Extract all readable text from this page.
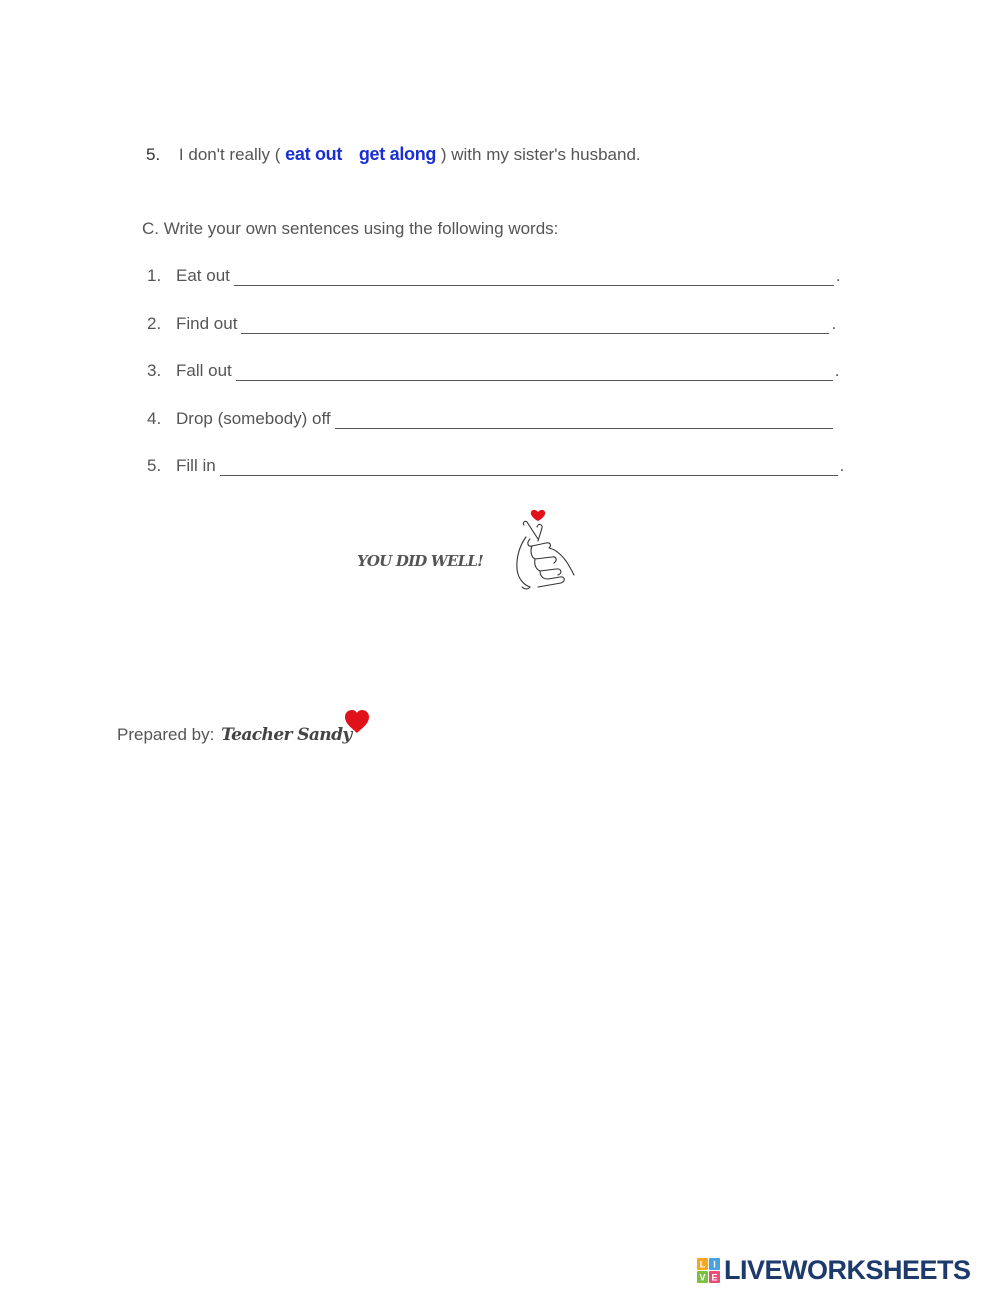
5. I don't really ( eat out get along ) with my sister's husband.
C. Write your own sentences using the following words:
1. Eat out	.
2. Find out	.
3. Fall out	.
4. Drop (somebody) off
5. Fill in	.
YOU DID WELL!
Prepared by: Teacher Sandy
L I
V E LIVEWORKSHEETS
